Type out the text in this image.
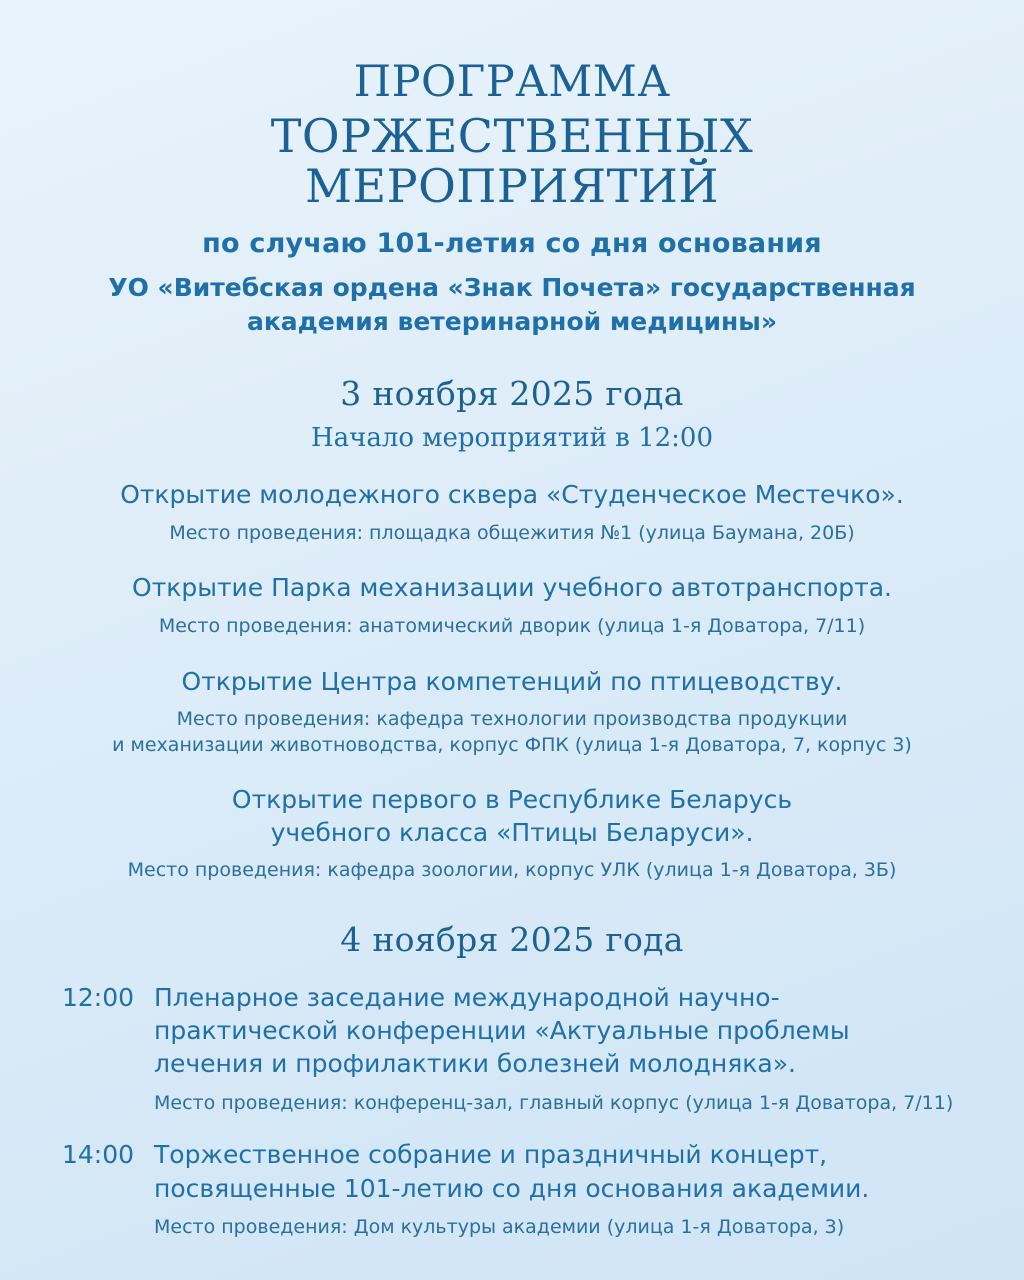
ПРОГРАММА
ТОРЖЕСТВЕННЫХ МЕРОПРИЯТИЙ
по случаю 101-летия со дня основания
УО «Витебская ордена «Знак Почета» государственная
академия ветеринарной медицины»
3 ноября 2025 года
Начало мероприятий в 12:00
Открытие молодежного сквера «Студенческое Местечко».
Место проведения: площадка общежития №1 (улица Баумана, 20Б)
Открытие Парка механизации учебного автотранспорта.
Место проведения: анатомический дворик (улица 1-я Доватора, 7/11)
Открытие Центра компетенций по птицеводству.
Место проведения: кафедра технологии производства продукции
и механизации животноводства, корпус ФПК (улица 1-я Доватора, 7, корпус 3)
Открытие первого в Республике Беларусь
учебного класса «Птицы Беларуси».
Место проведения: кафедра зоологии, корпус УЛК (улица 1-я Доватора, 3Б)
4 ноября 2025 года
12:00 Пленарное заседание международной научно-
практической конференции «Актуальные проблемы
лечения и профилактики болезней молодняка».
Место проведения: конференц-зал, главный корпус (улица 1-я Доватора, 7/11)
14:00 Торжественное собрание и праздничный концерт,
посвященные 101-летию со дня основания академии.
Место проведения: Дом культуры академии (улица 1-я Доватора, 3)
